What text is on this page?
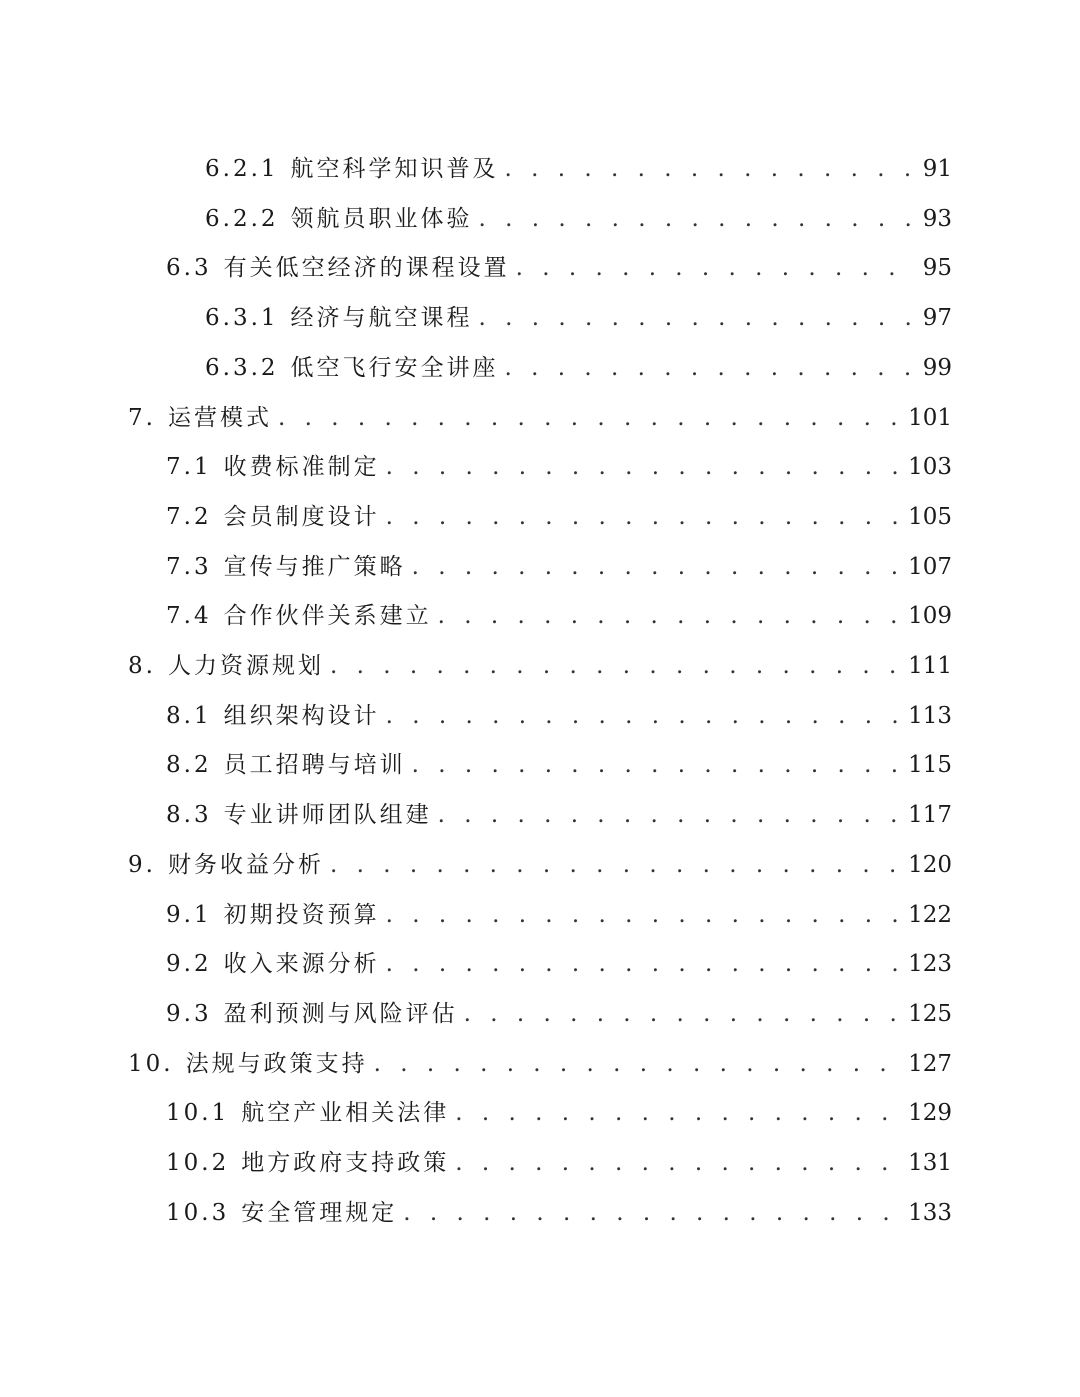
6.2.1 航空科学知识普及 . . .	91
6.2.2 领航员职业体验 . . .	93
6.3 有关低空经济的课程设置 . . .	95
6.3.1 经济与航空课程 . . .	97
6.3.2 低空飞行安全讲座 . . .	99
7. 运营模式 . . .	101
7.1 收费标准制定 . . .	103
7.2 会员制度设计 . . .	105
7.3 宣传与推广策略 . . .	107
7.4 合作伙伴关系建立 . . .	109
8. 人力资源规划 . . .	111
8.1 组织架构设计 . . .	113
8.2 员工招聘与培训 . . .	115
8.3 专业讲师团队组建 . . .	117
9. 财务收益分析 . . .	120
9.1 初期投资预算 . . .	122
9.2 收入来源分析 . . .	123
9.3 盈利预测与风险评估 . . .	125
10. 法规与政策支持 . . .	127
10.1 航空产业相关法律 . . .	129
10.2 地方政府支持政策 . . .	131
10.3 安全管理规定 . . .	133
